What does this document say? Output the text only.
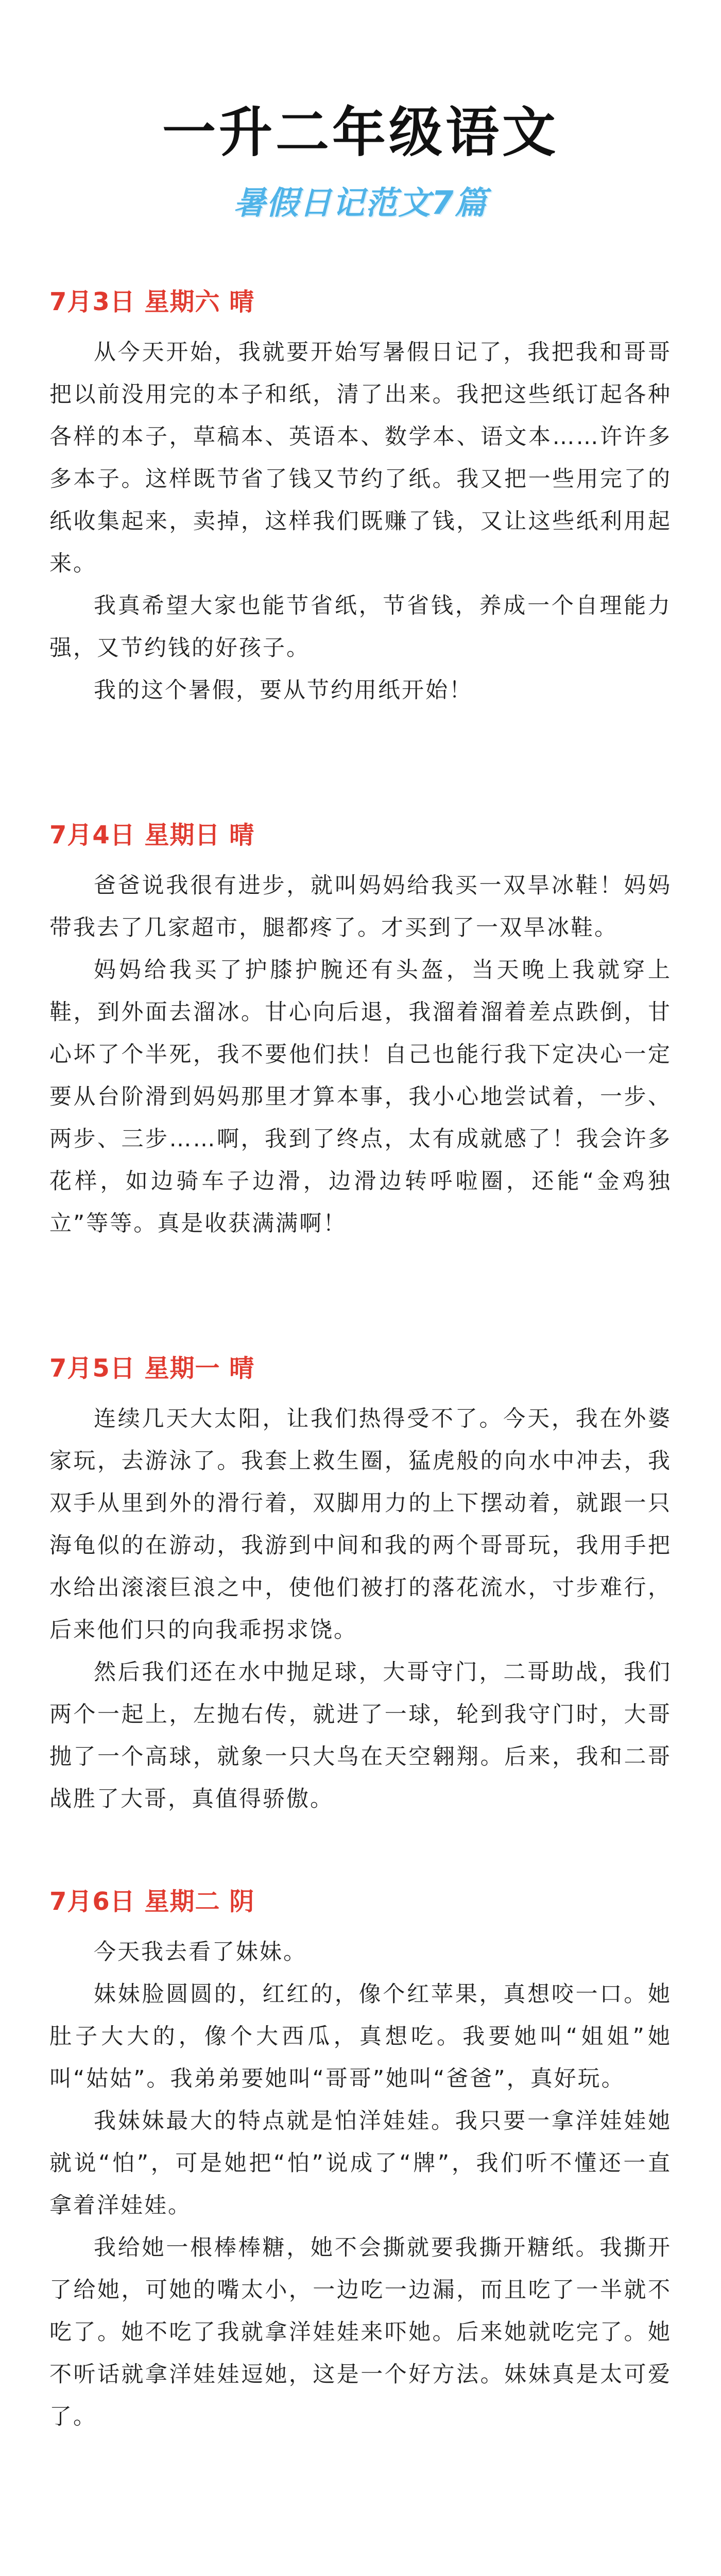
一升二年级语文
暑假日记范文7篇
7月3日 星期六 晴

从今天开始，我就要开始写暑假日记了，我把我和哥哥把以前没用完的本子和纸，清了出来。我把这些纸订起各种各样的本子，草稿本、英语本、数学本、语文本……许许多多本子。这样既节省了钱又节约了纸。我又把一些用完了的纸收集起来，卖掉，这样我们既赚了钱，又让这些纸利用起来。

我真希望大家也能节省纸，节省钱，养成一个自理能力强，又节约钱的好孩子。

我的这个暑假，要从节约用纸开始！

7月4日 星期日 晴

爸爸说我很有进步，就叫妈妈给我买一双旱冰鞋！妈妈带我去了几家超市，腿都疼了。才买到了一双旱冰鞋。

妈妈给我买了护膝护腕还有头盔，当天晚上我就穿上鞋，到外面去溜冰。甘心向后退，我溜着溜着差点跌倒，甘心坏了个半死，我不要他们扶！自己也能行我下定决心一定要从台阶滑到妈妈那里才算本事，我小心地尝试着，一步、两步、三步……啊，我到了终点，太有成就感了！我会许多花样，如边骑车子边滑，边滑边转呼啦圈，还能“金鸡独立”等等。真是收获满满啊！

7月5日 星期一 晴

连续几天大太阳，让我们热得受不了。今天，我在外婆家玩，去游泳了。我套上救生圈，猛虎般的向水中冲去，我双手从里到外的滑行着，双脚用力的上下摆动着，就跟一只海龟似的在游动，我游到中间和我的两个哥哥玩，我用手把水给出滚滚巨浪之中，使他们被打的落花流水，寸步难行，后来他们只的向我乖拐求饶。

然后我们还在水中抛足球，大哥守门，二哥助战，我们两个一起上，左抛右传，就进了一球，轮到我守门时，大哥抛了一个高球，就象一只大鸟在天空翱翔。后来，我和二哥战胜了大哥，真值得骄傲。

7月6日 星期二 阴

今天我去看了妹妹。

妹妹脸圆圆的，红红的，像个红苹果，真想咬一口。她肚子大大的，像个大西瓜，真想吃。我要她叫“姐姐”她叫“姑姑”。我弟弟要她叫“哥哥”她叫“爸爸”，真好玩。

我妹妹最大的特点就是怕洋娃娃。我只要一拿洋娃娃她就说“怕”，可是她把“怕”说成了“牌”，我们听不懂还一直拿着洋娃娃。

我给她一根棒棒糖，她不会撕就要我撕开糖纸。我撕开了给她，可她的嘴太小，一边吃一边漏，而且吃了一半就不吃了。她不吃了我就拿洋娃娃来吓她。后来她就吃完了。她不听话就拿洋娃娃逗她，这是一个好方法。妹妹真是太可爱了。
